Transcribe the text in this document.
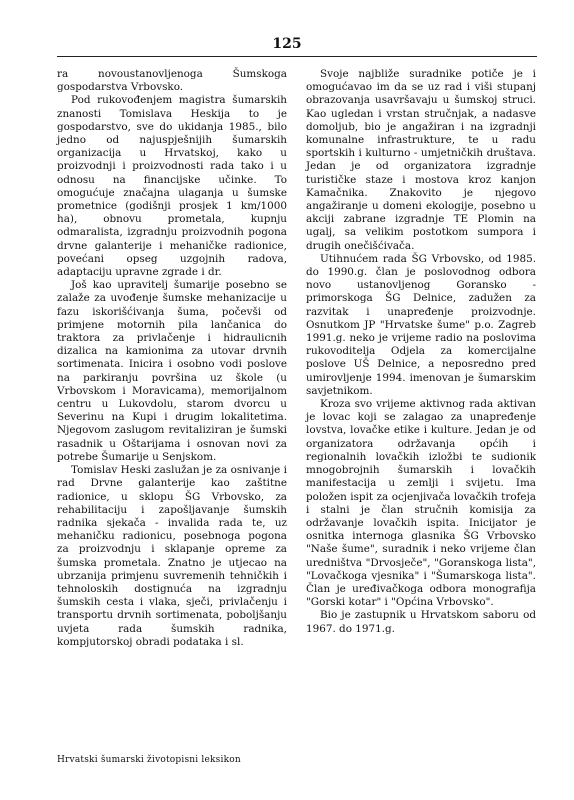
125

ra novoustanovljenoga Šumskoga gospodarstva Vrbovsko.

Pod rukovođenjem magistra šumarskih znanosti Tomislava Heskija to je gospodarstvo, sve do ukidanja 1985., bilo jedno od najuspješnijih šumarskih organizacija u Hrvatskoj, kako u proizvodnji i proizvodnosti rada tako i u odnosu na financijske učinke. To omogućuje značajna ulaganja u šumske prometnice (godišnji prosjek 1 km/1000 ha), obnovu prometala, kupnju odmaralista, izgradnju proizvodnih pogona drvne galanterije i mehaničke radionice, povećani opseg uzgojnih radova, adaptaciju upravne zgrade i dr.

Još kao upravitelj šumarije posebno se zalaže za uvođenje šumske mehanizacije u fazu iskorišćivanja šuma, počevši od primjene motornih pila lančanica do traktora za privlačenje i hidraulicnih dizalica na kamionima za utovar drvnih sortimenata. Inicira i osobno vodi poslove na parkiranju površina uz škole (u Vrbovskom i Moravicama), memorijalnom centru u Lukovdolu, starom dvorcu u Severinu na Kupi i drugim lokalitetima. Njegovom zaslugom revitaliziran je šumski rasadnik u Oštarijama i osnovan novi za potrebe Šumarije u Senjskom.

Tomislav Heski zaslužan je za osnivanje i rad Drvne galanterije kao zaštitne radionice, u sklopu ŠG Vrbovsko, za rehabilitaciju i zapošljavanje šumskih radnika sjekača - invalida rada te, uz mehaničku radionicu, posebnoga pogona za proizvodnju i sklapanje opreme za šumska prometala. Znatno je utjecao na ubrzanija primjenu suvremenih tehničkih i tehnoloskih dostignuća na izgradnju šumskih cesta i vlaka, sječi, privlačenju i transportu drvnih sortimenata, poboljšanju uvjeta rada šumskih radnika, kompjutorskoj obradi podataka i sl.

Svoje najbliže suradnike potiče je i omogućavao im da se uz rad i viši stupanj obrazovanja usavršavaju u šumskoj struci. Kao ugledan i vrstan stručnjak, a nadasve domoljub, bio je angažiran i na izgradnji komunalne infrastrukture, te u radu sportskih i kulturno - umjetničkih društava. Jedan je od organizatora izgradnje turističke staze i mostova kroz kanjon Kamačnika. Znakovito je njegovo angažiranje u domeni ekologije, posebno u akciji zabrane izgradnje TE Plomin na ugalj, sa velikim postotkom sumpora i drugih onečišćivača.

Utihnućem rada ŠG Vrbovsko, od 1985. do 1990.g. član je poslovodnog odbora novo ustanovljenog Goransko - primorskoga ŠG Delnice, zadužen za razvitak i unapređenje proizvodnje. Osnutkom JP "Hrvatske šume" p.o. Zagreb 1991.g. neko je vrijeme radio na poslovima rukovoditelja Odjela za komercijalne poslove UŠ Delnice, a neposredno pred umirovljenje 1994. imenovan je šumarskim savjetnikom.

Kroza svo vrijeme aktivnog rada aktivan je lovac koji se zalagao za unapređenje lovstva, lovačke etike i kulture. Jedan je od organizatora održavanja općih i regionalnih lovačkih izložbi te sudionik mnogobrojnih šumarskih i lovačkih manifestacija u zemlji i svijetu. Ima položen ispit za ocjenjivača lovačkih trofeja i stalni je član stručnih komisija za održavanje lovačkih ispita. Inicijator je osnitka internoga glasnika ŠG Vrbovsko "Naše šume", suradnik i neko vrijeme član uredništva "Drvosječe", "Goranskoga lista", "Lovačkoga vjesnika" i "Šumarskoga lista". Član je uređivačkoga odbora monografija "Gorski kotar" i "Općina Vrbovsko".

Bio je zastupnik u Hrvatskom saboru od 1967. do 1971.g.

Hrvatski šumarski životopisni leksikon
